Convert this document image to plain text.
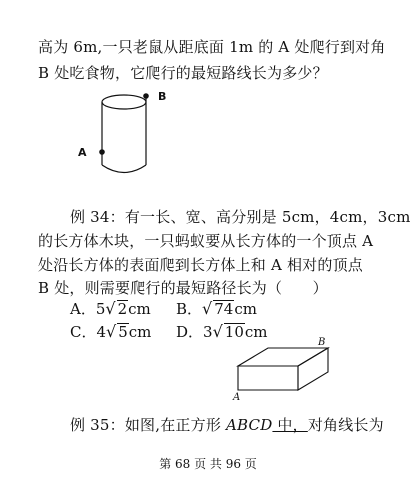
高为 6m,一只老鼠从距底面 1m 的 A 处爬行到对角
B 处吃食物，它爬行的最短路线长为多少？
B
A
例 34：有一长、宽、高分别是 5cm，4cm，3cm
的长方体木块，一只蚂蚁要从长方体的一个顶点 A
处沿长方体的表面爬到长方体上和 A 相对的顶点
B 处，则需要爬行的最短路径长为（　　）
A．5√ 2cm B．√ 74cm
C．4√ 5cm D．3√ 10cm
B
A
例 35：如图,在正方形 ABCD 中，对角线长为
第 68 页 共 96 页
